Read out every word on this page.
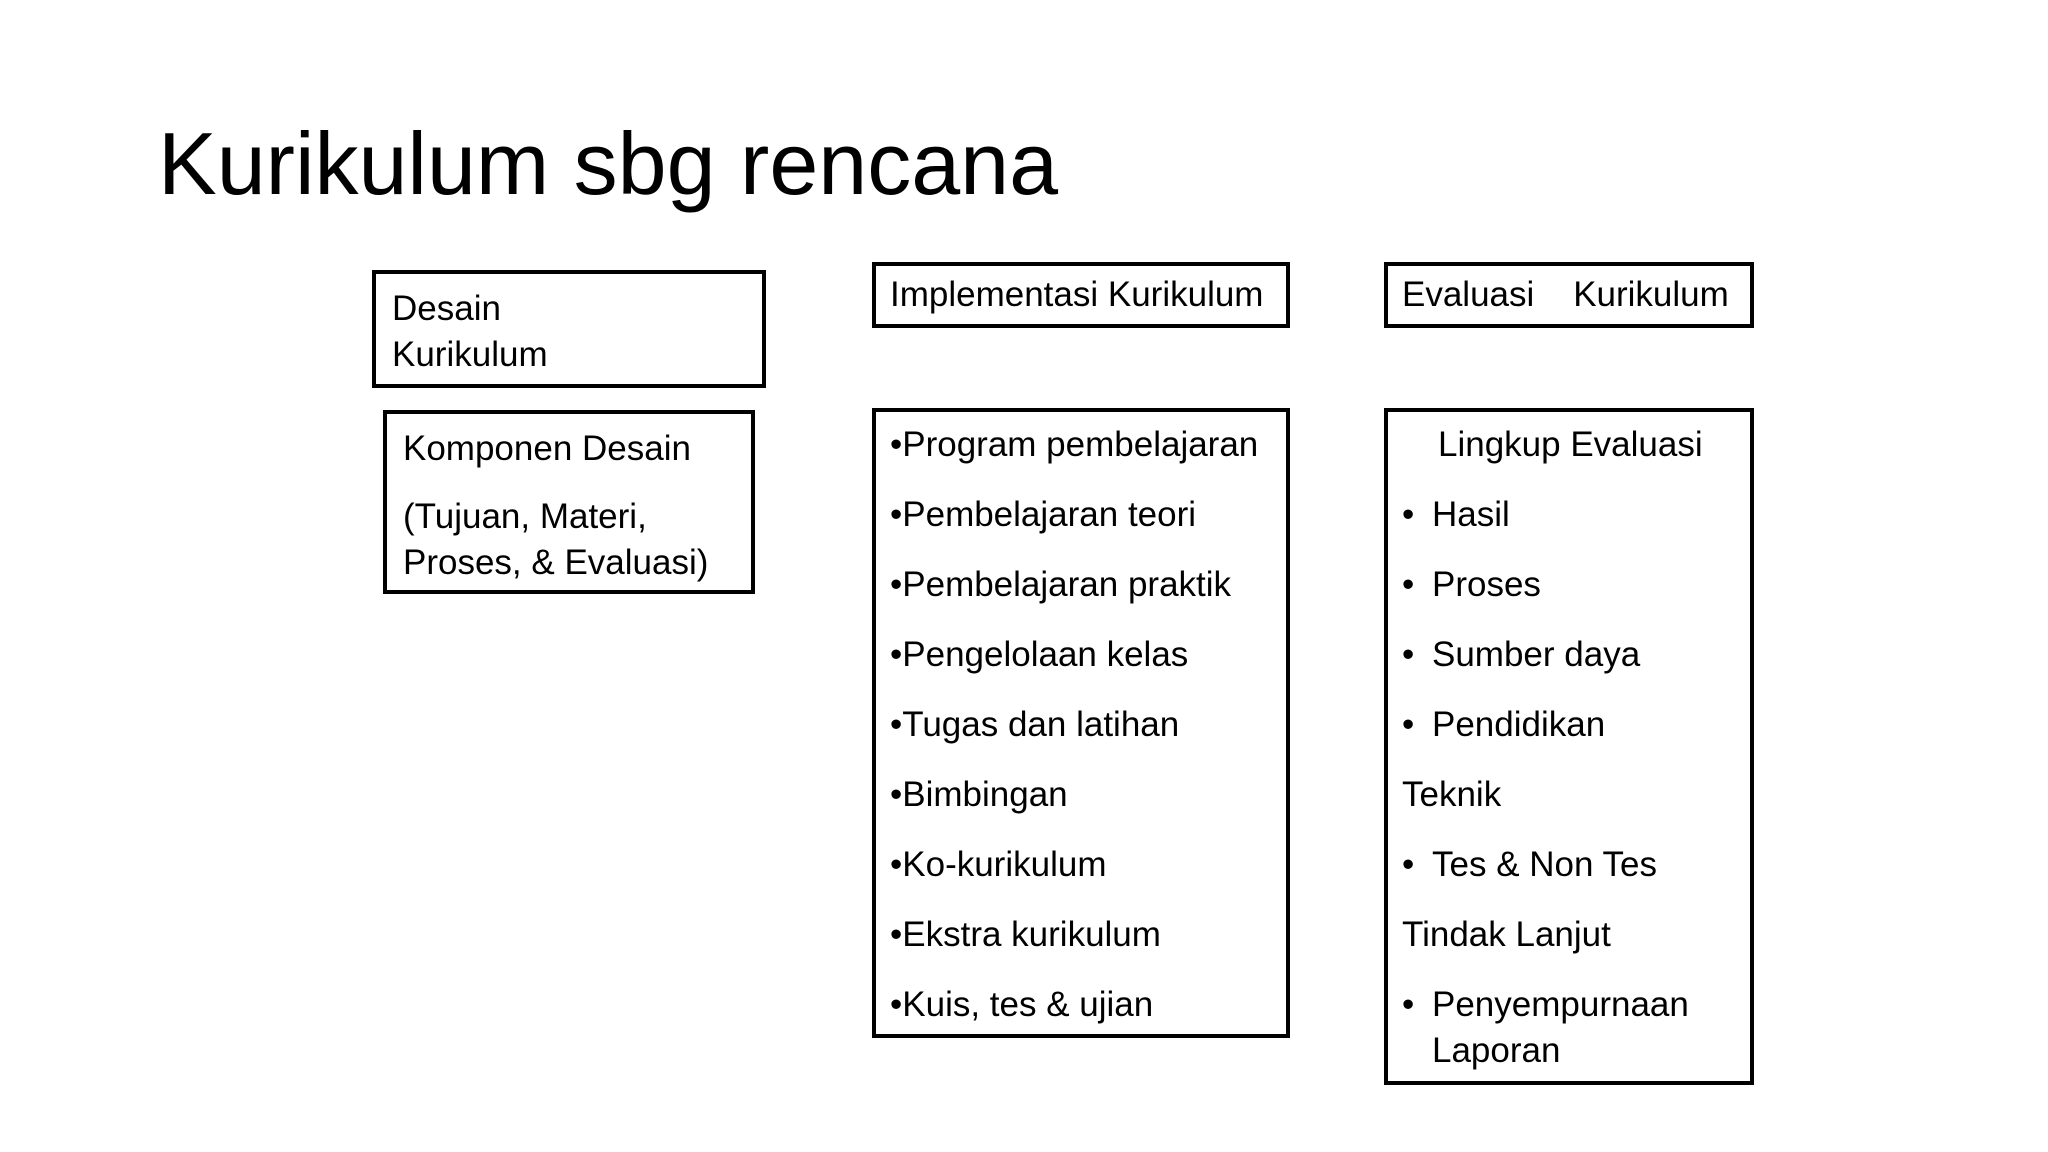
Kurikulum sbg rencana
Desain
Kurikulum

Komponen Desain

(Tujuan, Materi,
Proses, & Evaluasi)

Implementasi Kurikulum
•Program pembelajaran
•Pembelajaran teori
•Pembelajaran praktik
•Pengelolaan kelas
•Tugas dan latihan
•Bimbingan
•Ko-kurikulum
•Ekstra kurikulum
•Kuis, tes & ujian
Evaluasi    Kurikulum
Lingkup Evaluasi
• Hasil
• Proses
• Sumber daya
• Pendidikan
Teknik
• Tes & Non Tes
Tindak Lanjut
• Penyempurnaan
Laporan
